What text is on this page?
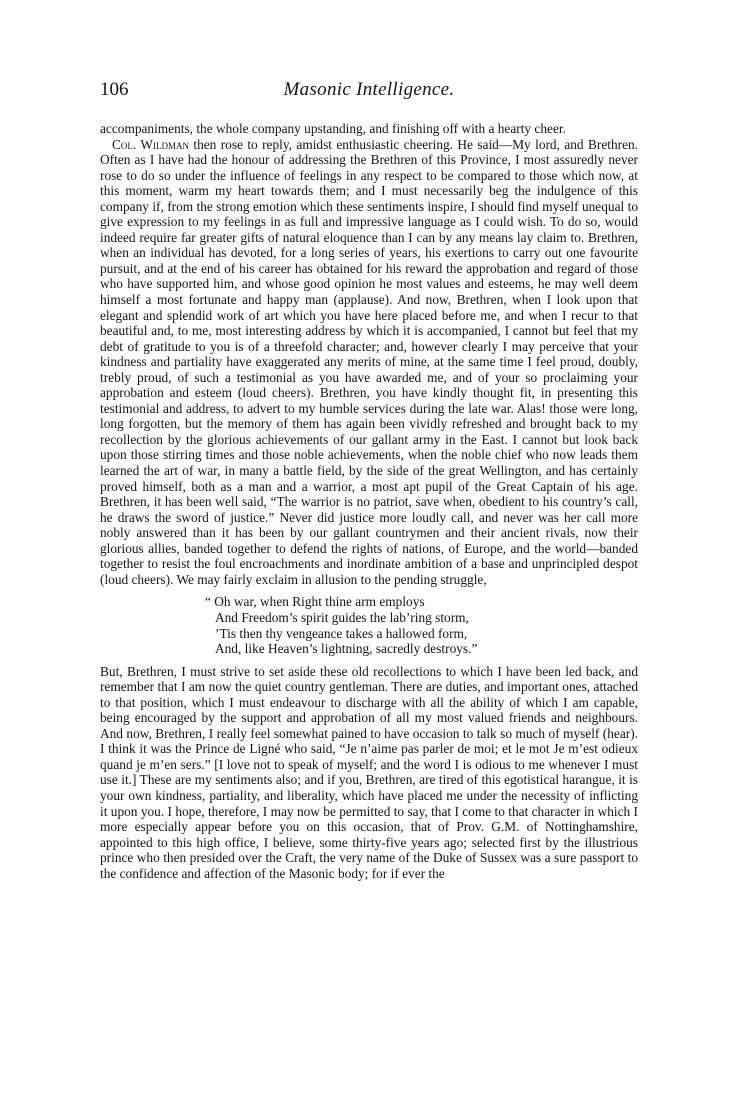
106	Masonic Intelligence.

accompaniments, the whole company upstanding, and finishing off with a hearty cheer.

Col. Wildman then rose to reply, amidst enthusiastic cheering. He said—My lord, and Brethren. Often as I have had the honour of addressing the Brethren of this Province, I most assuredly never rose to do so under the influence of feelings in any respect to be compared to those which now, at this moment, warm my heart towards them; and I must necessarily beg the indulgence of this company if, from the strong emotion which these sentiments inspire, I should find myself unequal to give expression to my feelings in as full and impressive language as I could wish. To do so, would indeed require far greater gifts of natural eloquence than I can by any means lay claim to. Brethren, when an individual has devoted, for a long series of years, his exertions to carry out one favourite pursuit, and at the end of his career has obtained for his reward the approbation and regard of those who have supported him, and whose good opinion he most values and esteems, he may well deem himself a most fortunate and happy man (applause). And now, Brethren, when I look upon that elegant and splendid work of art which you have here placed before me, and when I recur to that beautiful and, to me, most interesting address by which it is accompanied, I cannot but feel that my debt of gratitude to you is of a threefold character; and, however clearly I may perceive that your kindness and partiality have exaggerated any merits of mine, at the same time I feel proud, doubly, trebly proud, of such a testimonial as you have awarded me, and of your so proclaiming your approbation and esteem (loud cheers). Brethren, you have kindly thought fit, in presenting this testimonial and address, to advert to my humble services during the late war. Alas! those were long, long forgotten, but the memory of them has again been vividly refreshed and brought back to my recollection by the glorious achievements of our gallant army in the East. I cannot but look back upon those stirring times and those noble achievements, when the noble chief who now leads them learned the art of war, in many a battle field, by the side of the great Wellington, and has certainly proved himself, both as a man and a warrior, a most apt pupil of the Great Captain of his age. Brethren, it has been well said, “The warrior is no patriot, save when, obedient to his country’s call, he draws the sword of justice.” Never did justice more loudly call, and never was her call more nobly answered than it has been by our gallant countrymen and their ancient rivals, now their glorious allies, banded together to defend the rights of nations, of Europe, and the world—banded together to resist the foul encroachments and inordinate ambition of a base and unprincipled despot (loud cheers). We may fairly exclaim in allusion to the pending struggle,

“ Oh war, when Right thine arm employs
And Freedom’s spirit guides the lab’ring storm,
’Tis then thy vengeance takes a hallowed form,
And, like Heaven’s lightning, sacredly destroys.”

But, Brethren, I must strive to set aside these old recollections to which I have been led back, and remember that I am now the quiet country gentleman. There are duties, and important ones, attached to that position, which I must endeavour to discharge with all the ability of which I am capable, being encouraged by the support and approbation of all my most valued friends and neighbours. And now, Brethren, I really feel somewhat pained to have occasion to talk so much of myself (hear). I think it was the Prince de Ligné who said, “Je n’aime pas parler de moi; et le mot Je m’est odieux quand je m’en sers.” [I love not to speak of myself; and the word I is odious to me whenever I must use it.] These are my sentiments also; and if you, Brethren, are tired of this egotistical harangue, it is your own kindness, partiality, and liberality, which have placed me under the necessity of inflicting it upon you. I hope, therefore, I may now be permitted to say, that I come to that character in which I more especially appear before you on this occasion, that of Prov. G.M. of Nottinghamshire, appointed to this high office, I believe, some thirty-five years ago; selected first by the illustrious prince who then presided over the Craft, the very name of the Duke of Sussex was a sure passport to the confidence and affection of the Masonic body; for if ever the
